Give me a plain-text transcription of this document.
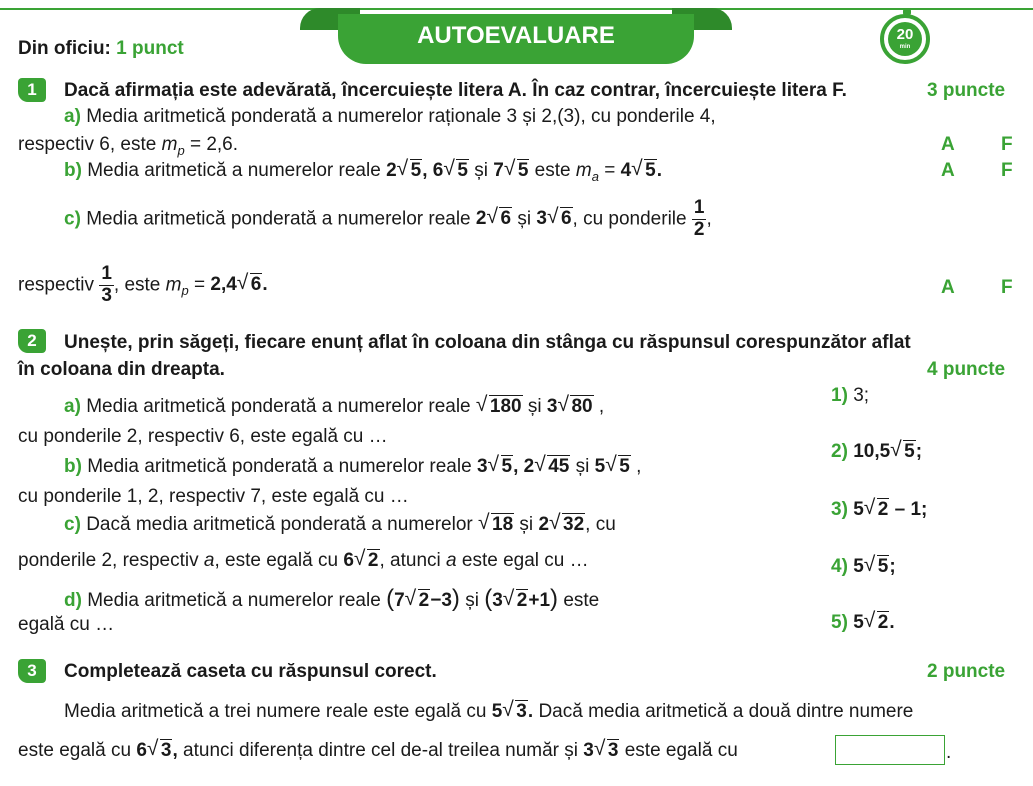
AUTOEVALUARE	20
min
Din oficiu: 1 punct
1	Dacă afirmația este adevărată, încercuiește litera A. În caz contrar, încercuiește litera F.	3 puncte
a) Media aritmetică ponderată a numerelor raționale 3 și 2,(3), cu ponderile 4,
respectiv 6, este $m_p = 2,6$.	A F
b) Media aritmetică a numerelor reale 2 √ 5, 6 √ 5 și 7 √ 5 este $m_a = 4$ √ 5.	A F
c) Media aritmetică ponderată a numerelor reale 2 √ 6 și 3 √ 6, cu ponderile $\frac{1}{2}$ ,
respectiv $\frac{1}{3}$ , este $m_p = 2,4$ √ 6.	A F
2	Unește, prin săgeți, fiecare enunț aflat în coloana din stânga cu răspunsul corespunzător aflat
în coloana din dreapta.	4 puncte
a) Media aritmetică ponderată a numerelor reale √ 180 și 3 √ 80 ,
cu ponderile 2, respectiv 6, este egală cu …
b) Media aritmetică ponderată a numerelor reale 3 √ 5, 2 √ 45 și 5 √ 5 ,
cu ponderile 1, 2, respectiv 7, este egală cu …
c) Dacă media aritmetică ponderată a numerelor √ 18 și 2 √ 32, cu
ponderile 2, respectiv a, este egală cu 6 √ 2, atunci a este egal cu …
d) Media aritmetică a numerelor reale (7 √ 2−3) și (3 √ 2+1) este
egală cu …
1) 3;
2) 10,5 √ 5;
3) 5 √ 2 – 1;
4) 5 √ 5;
5) 5 √ 2.
3	Completează caseta cu răspunsul corect.	2 puncte
Media aritmetică a trei numere reale este egală cu 5 √ 3. Dacă media aritmetică a două dintre numere
este egală cu 6 √ 3, atunci diferența dintre cel de-al treilea număr și 3 √ 3 este egală cu	.
